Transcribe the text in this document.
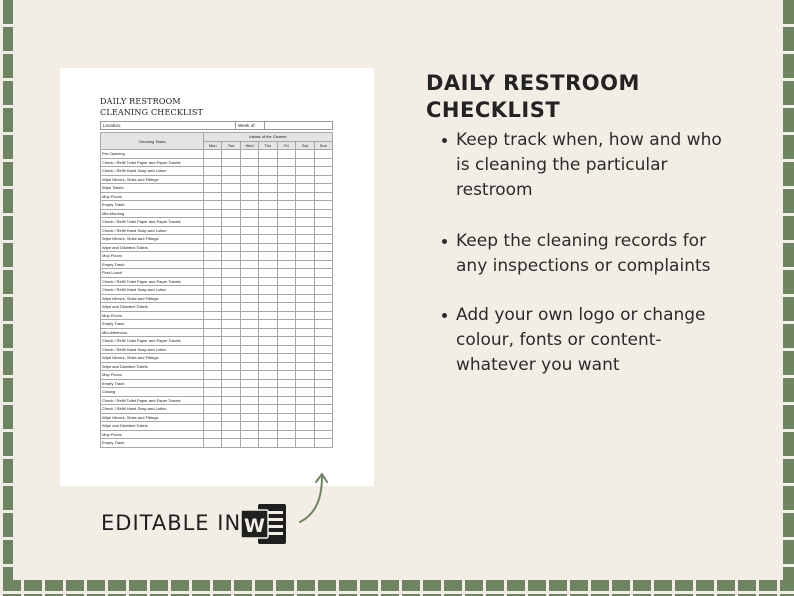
DAILY RESTROOM
CLEANING CHECKLIST
Location:	Week of:
Cleaning Tasks	Initials of the Cleaner						
	Mon	Tue	Wed	Thu	Fri	Sat	Sun
Pre-Opening							
Check / Refill Toilet Paper and Paper Towels							
Check / Refill Hand Soap and Lotion							
Wipe Mirrors, Sinks and Fittings							
Wipe Toilets							
Mop Floors							
Empty Trash							
Mid-Morning							
Check / Refill Toilet Paper and Paper Towels							
Check / Refill Hand Soap and Lotion							
Wipe Mirrors, Sinks and Fittings							
Wipe and Disinfect Toilets							
Mop Floors							
Empty Trash							
Post-Lunch							
Check / Refill Toilet Paper and Paper Towels							
Check / Refill Hand Soap and Lotion							
Wipe Mirrors, Sinks and Fittings							
Wipe and Disinfect Toilets							
Mop Floors							
Empty Trash							
Mid-Afternoon							
Check / Refill Toilet Paper and Paper Towels							
Check / Refill Hand Soap and Lotion							
Wipe Mirrors, Sinks and Fittings							
Wipe and Disinfect Toilets							
Mop Floors							
Empty Trash							
Closing							
Check / Refill Toilet Paper and Paper Towels							
Check / Refill Hand Soap and Lotion							
Wipe Mirrors, Sinks and Fittings							
Wipe and Disinfect Toilets							
Mop Floors							
Empty Trash							
EDITABLE IN W
DAILY RESTROOM
CHECKLIST
Keep track when, how and who is cleaning the particular restroom
Keep the cleaning records for any inspections or complaints
Add your own logo or change colour, fonts or content- whatever you want
